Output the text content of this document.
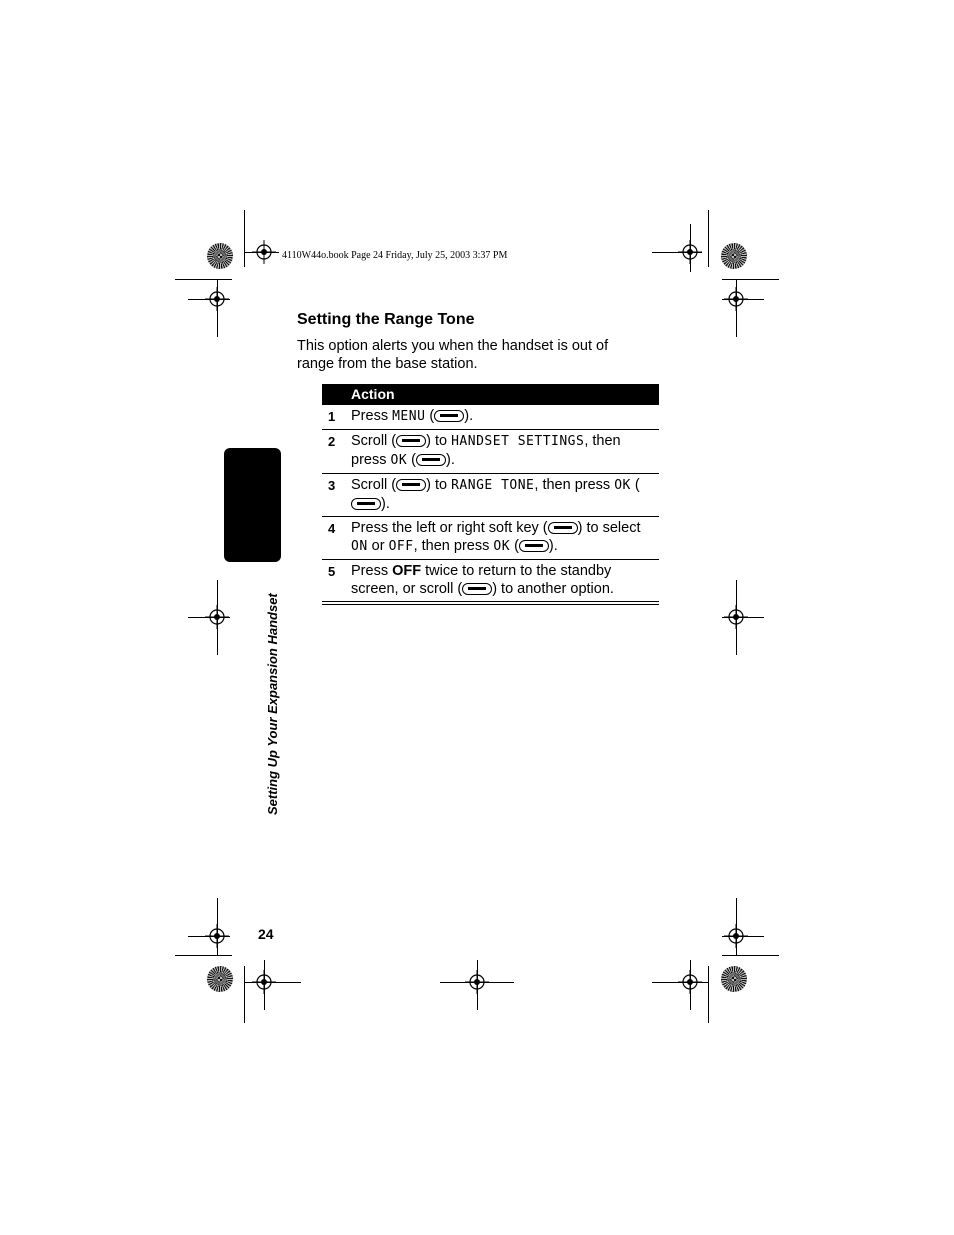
4110W44o.book Page 24 Friday, July 25, 2003 3:37 PM
Setting the Range Tone
This option alerts you when the handset is out of range from the base station.
Action
1 Press MENU ( ).
2 Scroll ( ) to HANDSET SETTINGS, then press OK ( ).
3 Scroll ( ) to RANGE TONE, then press OK ().
4 Press the left or right soft key ( ) to select ON or OFF, then press OK ( ).
5 Press OFF twice to return to the standby screen, or scroll ( ) to another option.
Setting Up Your Expansion Handset
24
